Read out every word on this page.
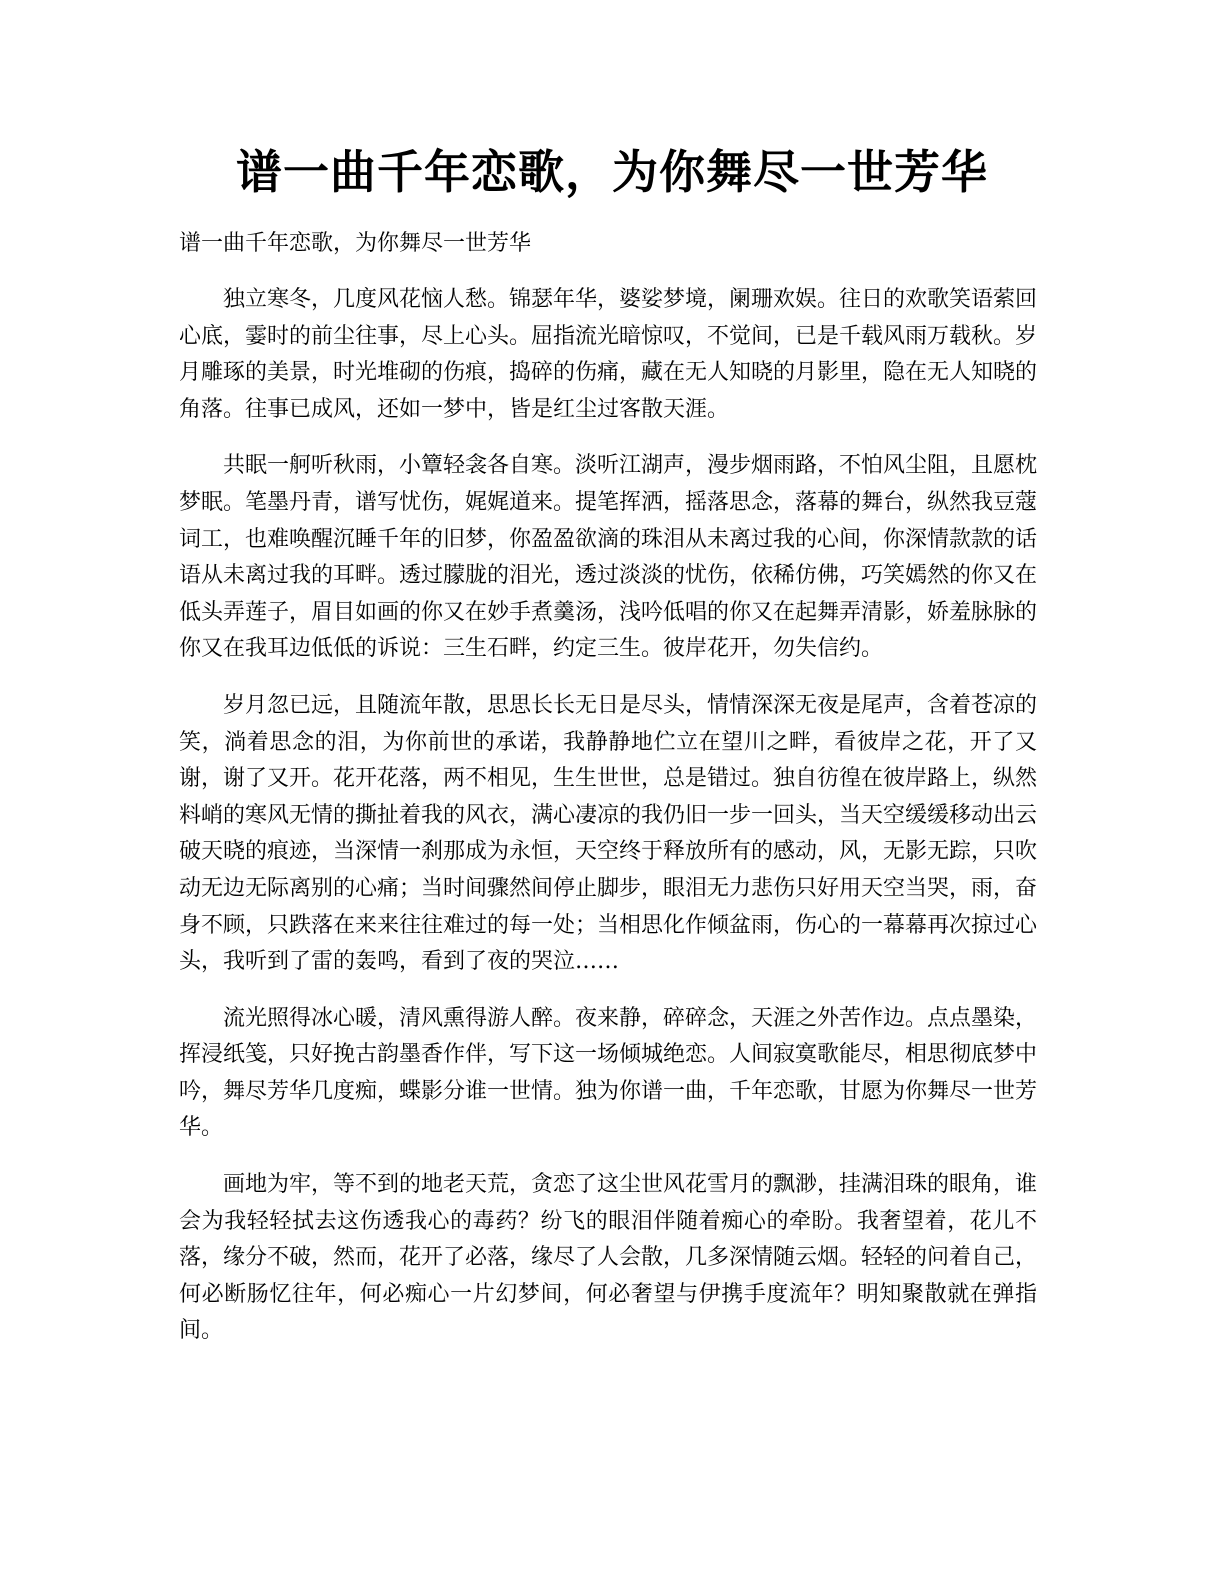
谱一曲千年恋歌，为你舞尽一世芳华

谱一曲千年恋歌，为你舞尽一世芳华

独立寒冬，几度风花恼人愁。锦瑟年华，婆娑梦境，阑珊欢娱。往日的欢歌笑语萦回心底，霎时的前尘往事，尽上心头。屈指流光暗惊叹，不觉间，已是千载风雨万载秋。岁月雕琢的美景，时光堆砌的伤痕，捣碎的伤痛，藏在无人知晓的月影里，隐在无人知晓的角落。往事已成风，还如一梦中，皆是红尘过客散天涯。

共眠一舸听秋雨，小簟轻衾各自寒。淡听江湖声，漫步烟雨路，不怕风尘阻，且愿枕梦眠。笔墨丹青，谱写忧伤，娓娓道来。提笔挥洒，摇落思念，落幕的舞台，纵然我豆蔻词工，也难唤醒沉睡千年的旧梦，你盈盈欲滴的珠泪从未离过我的心间，你深情款款的话语从未离过我的耳畔。透过朦胧的泪光，透过淡淡的忧伤，依稀仿佛，巧笑嫣然的你又在低头弄莲子，眉目如画的你又在妙手煮羹汤，浅吟低唱的你又在起舞弄清影，娇羞脉脉的你又在我耳边低低的诉说：三生石畔，约定三生。彼岸花开，勿失信约。

岁月忽已远，且随流年散，思思长长无日是尽头，情情深深无夜是尾声，含着苍凉的笑，淌着思念的泪，为你前世的承诺，我静静地伫立在望川之畔，看彼岸之花，开了又谢，谢了又开。花开花落，两不相见，生生世世，总是错过。独自彷徨在彼岸路上，纵然料峭的寒风无情的撕扯着我的风衣，满心凄凉的我仍旧一步一回头，当天空缓缓移动出云破天晓的痕迹，当深情一刹那成为永恒，天空终于释放所有的感动，风，无影无踪，只吹动无边无际离别的心痛；当时间骤然间停止脚步，眼泪无力悲伤只好用天空当哭，雨，奋身不顾，只跌落在来来往往难过的每一处；当相思化作倾盆雨，伤心的一幕幕再次掠过心头，我听到了雷的轰鸣，看到了夜的哭泣……

流光照得冰心暖，清风熏得游人醉。夜来静，碎碎念，天涯之外苦作边。点点墨染，挥浸纸笺，只好挽古韵墨香作伴，写下这一场倾城绝恋。人间寂寞歌能尽，相思彻底梦中吟，舞尽芳华几度痴，蝶影分谁一世情。独为你谱一曲，千年恋歌，甘愿为你舞尽一世芳华。

画地为牢，等不到的地老天荒，贪恋了这尘世风花雪月的飘渺，挂满泪珠的眼角，谁会为我轻轻拭去这伤透我心的毒药？纷飞的眼泪伴随着痴心的牵盼。我奢望着，花儿不落，缘分不破，然而，花开了必落，缘尽了人会散，几多深情随云烟。轻轻的问着自己，何必断肠忆往年，何必痴心一片幻梦间，何必奢望与伊携手度流年？明知聚散就在弹指间。
